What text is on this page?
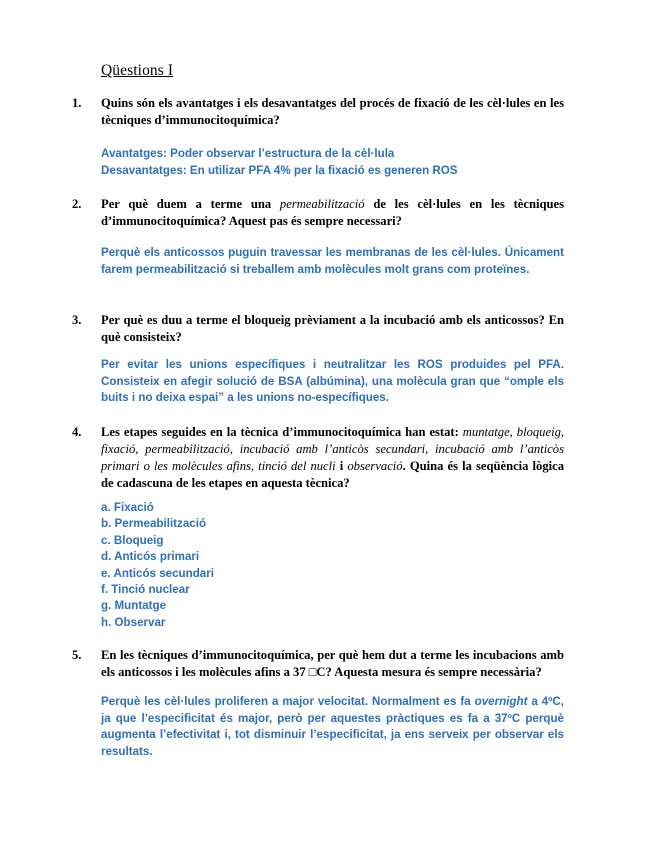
Qüestions I
1. Quins són els avantatges i els desavantatges del procés de fixació de les cèl·lules en les tècniques d’immunocitoquímica?
Avantatges: Poder observar l’estructura de la cèl·lula
Desavantatges: En utilizar PFA 4% per la fixació es generen ROS
2. Per què duem a terme una permeabilització de les cèl·lules en les tècniques d’immunocitoquímica? Aquest pas és sempre necessari?
Perquè els anticossos puguin travessar les membranas de les cèl·lules. Únicament farem permeabilització si treballem amb molècules molt grans com proteïnes.
3. Per què es duu a terme el bloqueig prèviament a la incubació amb els anticossos? En què consisteix?
Per evitar les unions específiques i neutralitzar les ROS produides pel PFA. Consisteix en afegir solució de BSA (albúmina), una molècula gran que “omple els buits i no deixa espai” a les unions no-específiques.
4. Les etapes seguides en la tècnica d’immunocitoquímica han estat: muntatge, bloqueig, fixació, permeabilització, incubació amb l’anticòs secundari, incubació amb l’anticòs primari o les molècules afins, tinció del nucli i observació. Quina és la seqüència lògica de cadascuna de les etapes en aquesta tècnica?
a. Fixació
b. Permeabilització
c. Bloqueig
d. Anticós primari
e. Anticós secundari
f. Tinció nuclear
g. Muntatge
h. Observar
5. En les tècniques d’immunocitoquímica, per què hem dut a terme les incubacions amb els anticossos i les molècules afins a 37 □C? Aquesta mesura és sempre necessària?
Perquè les cèl·lules proliferen a major velocitat. Normalment es fa overnight a 4ºC, ja que l’especificitat és major, però per aquestes pràctiques es fa a 37ºC perquè augmenta l’efectivitat i, tot disminuir l’especificitat, ja ens serveix per observar els resultats.
